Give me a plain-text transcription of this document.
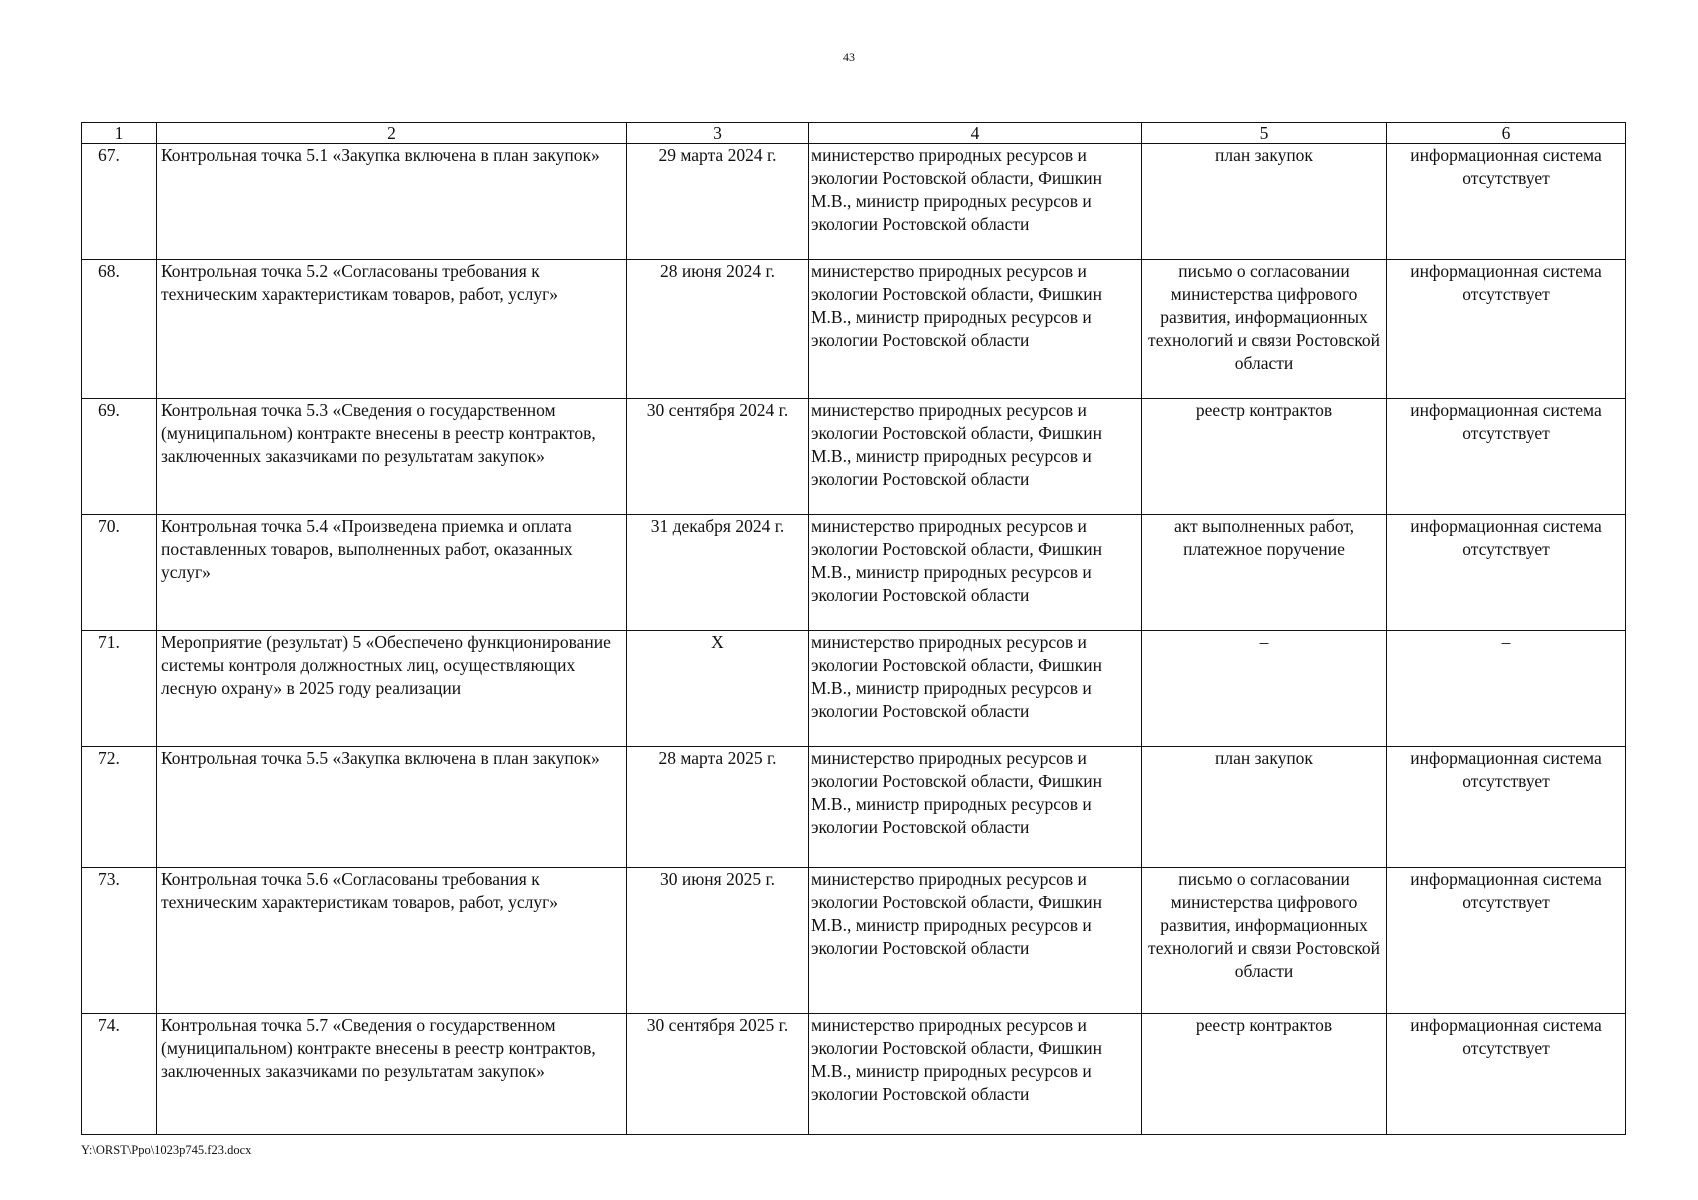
43
1	2	3	4	5	6
67.	Контрольная точка 5.1 «Закупка включена в план закупок»	29 марта 2024 г.	министерство природных ресурсов и экологии Ростовской области, Фишкин М.В., министр природных ресурсов и экологии Ростовской области	план закупок	информационная система отсутствует
68.	Контрольная точка 5.2 «Согласованы требования к техническим характеристикам товаров, работ, услуг»	28 июня 2024 г.	министерство природных ресурсов и экологии Ростовской области, Фишкин М.В., министр природных ресурсов и экологии Ростовской области	письмо о согласовании министерства цифрового развития, информационных технологий и связи Ростовской области	информационная система отсутствует
69.	Контрольная точка 5.3 «Сведения о государственном (муниципальном) контракте внесены в реестр контрактов, заключенных заказчиками по результатам закупок»	30 сентября 2024 г.	министерство природных ресурсов и экологии Ростовской области, Фишкин М.В., министр природных ресурсов и экологии Ростовской области	реестр контрактов	информационная система отсутствует
70.	Контрольная точка 5.4 «Произведена приемка и оплата поставленных товаров, выполненных работ, оказанных услуг»	31 декабря 2024 г.	министерство природных ресурсов и экологии Ростовской области, Фишкин М.В., министр природных ресурсов и экологии Ростовской области	акт выполненных работ, платежное поручение	информационная система отсутствует
71.	Мероприятие (результат) 5 «Обеспечено функционирование системы контроля должностных лиц, осуществляющих лесную охрану» в 2025 году реализации	X	министерство природных ресурсов и экологии Ростовской области, Фишкин М.В., министр природных ресурсов и экологии Ростовской области	–	–
72.	Контрольная точка 5.5 «Закупка включена в план закупок»	28 марта 2025 г.	министерство природных ресурсов и экологии Ростовской области, Фишкин М.В., министр природных ресурсов и экологии Ростовской области	план закупок	информационная система отсутствует
73.	Контрольная точка 5.6 «Согласованы требования к техническим характеристикам товаров, работ, услуг»	30 июня 2025 г.	министерство природных ресурсов и экологии Ростовской области, Фишкин М.В., министр природных ресурсов и экологии Ростовской области	письмо о согласовании министерства цифрового развития, информационных технологий и связи Ростовской области	информационная система отсутствует
74.	Контрольная точка 5.7 «Сведения о государственном (муниципальном) контракте внесены в реестр контрактов, заключенных заказчиками по результатам закупок»	30 сентября 2025 г.	министерство природных ресурсов и экологии Ростовской области, Фишкин М.В., министр природных ресурсов и экологии Ростовской области	реестр контрактов	информационная система отсутствует
Y:\ORST\Ppo\1023p745.f23.docx
